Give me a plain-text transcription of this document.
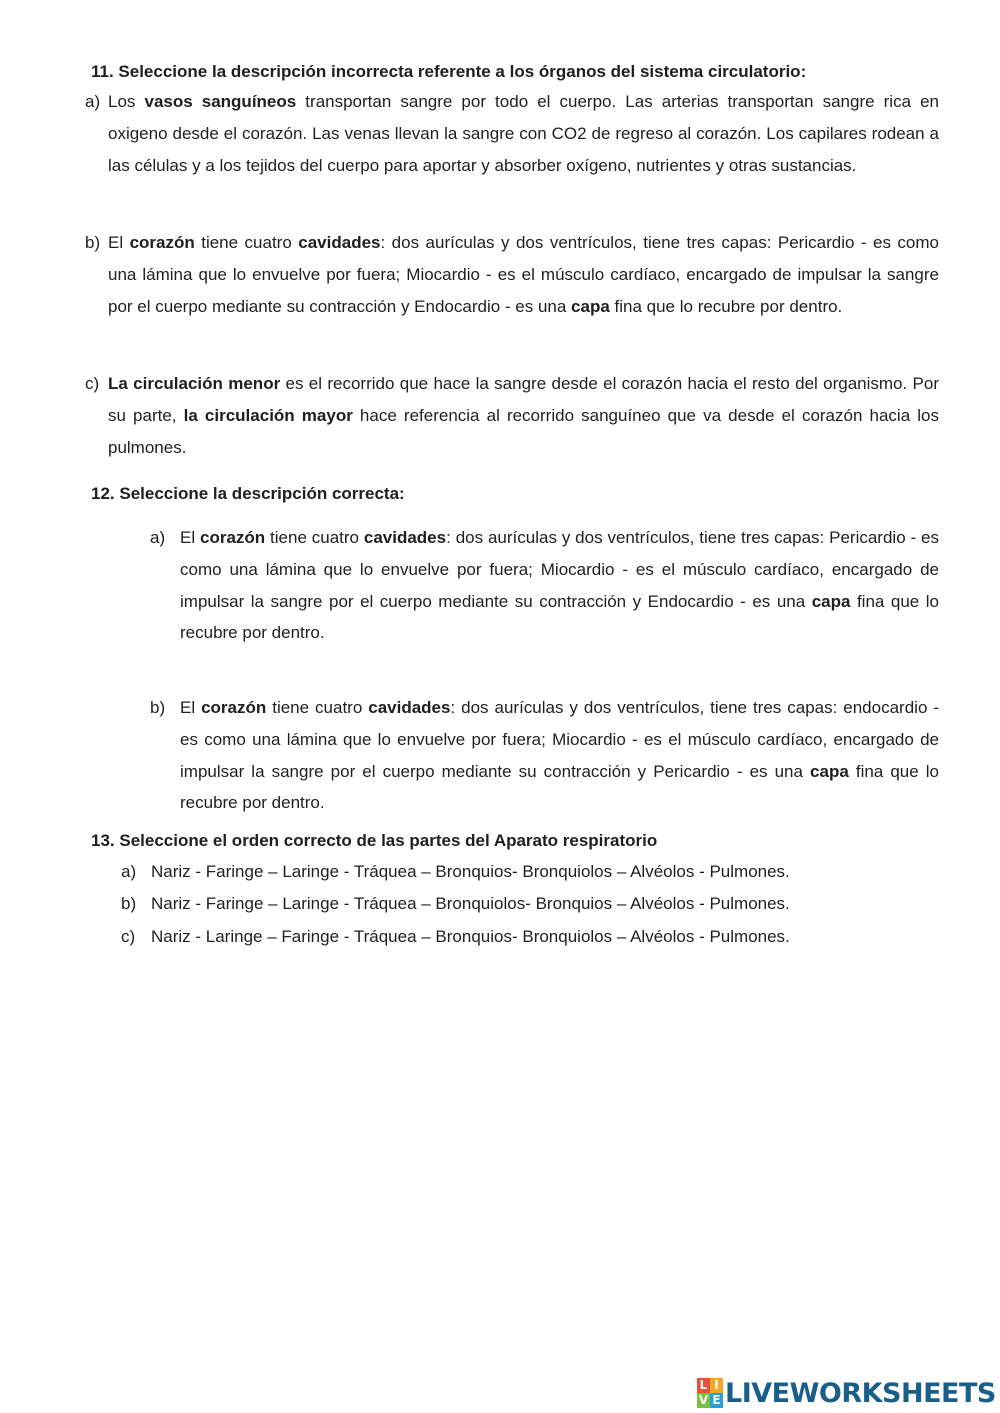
11. Seleccione la descripción incorrecta referente a los órganos del sistema circulatorio:
a) Los vasos sanguíneos transportan sangre por todo el cuerpo. Las arterias transportan sangre rica en oxigeno desde el corazón. Las venas llevan la sangre con CO2 de regreso al corazón. Los capilares rodean a las células y a los tejidos del cuerpo para aportar y absorber oxígeno, nutrientes y otras sustancias.
b) El corazón tiene cuatro cavidades: dos aurículas y dos ventrículos, tiene tres capas: Pericardio - es como una lámina que lo envuelve por fuera; Miocardio - es el músculo cardíaco, encargado de impulsar la sangre por el cuerpo mediante su contracción y Endocardio - es una capa fina que lo recubre por dentro.
c) La circulación menor es el recorrido que hace la sangre desde el corazón hacia el resto del organismo. Por su parte, la circulación mayor hace referencia al recorrido sanguíneo que va desde el corazón hacia los pulmones.
12. Seleccione la descripción correcta:
a) El corazón tiene cuatro cavidades: dos aurículas y dos ventrículos, tiene tres capas: Pericardio - es como una lámina que lo envuelve por fuera; Miocardio - es el músculo cardíaco, encargado de impulsar la sangre por el cuerpo mediante su contracción y Endocardio - es una capa fina que lo recubre por dentro.
b) El corazón tiene cuatro cavidades: dos aurículas y dos ventrículos, tiene tres capas: endocardio - es como una lámina que lo envuelve por fuera; Miocardio - es el músculo cardíaco, encargado de impulsar la sangre por el cuerpo mediante su contracción y Pericardio - es una capa fina que lo recubre por dentro.
13. Seleccione el orden correcto de las partes del Aparato respiratorio
a) Nariz - Faringe – Laringe - Tráquea – Bronquios- Bronquiolos – Alvéolos - Pulmones.
b) Nariz - Faringe – Laringe - Tráquea – Bronquiolos- Bronquios – Alvéolos - Pulmones.
c) Nariz - Laringe – Faringe - Tráquea – Bronquios- Bronquiolos – Alvéolos - Pulmones.
L I
V E LIVEWORKSHEETS
